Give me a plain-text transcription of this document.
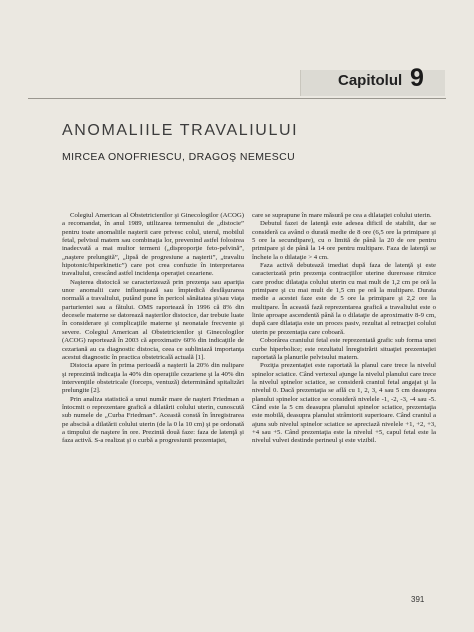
Capitolul 9
ANOMALIILE TRAVALIULUI
MIRCEA ONOFRIESCU, DRAGOŞ NEMESCU

Colegiul American al Obstetricienilor şi Ginecologilor (ACOG) a recomandat, în anul 1989, utilizarea termenului de „distocie” pentru toate anomaliile naşterii care privesc colul, uterul, mobilul fetal, pelvisul matern sau combinaţia lor, prevenind astfel folosirea inadecvată a mai multor termeni („disproporţie feto-pelvină”, „naştere prelungită”, „lipsă de progresiune a naşterii”, „travaliu hipotonic/hiperkinetic”) care pot crea confuzie în interpretarea travaliului, crescând astfel incidenţa operaţiei cezariene.

Naşterea distocică se caracterizează prin prezenţa sau apariţia unor anomalii care influenţează sau împiedică desfăşurarea normală a travaliului, putând pune în pericol sănătatea şi/sau viaţa parturientei sau a fătului. OMS raportează în 1996 că 8% din decesele materne se datorează naşterilor distocice, dar trebuie luate în considerare şi complicaţiile materne şi neonatale frecvente şi severe. Colegiul American al Obstetricienilor şi Ginecologilor (ACOG) raportează în 2003 că aproximativ 60% din indicaţiile de cezariană au ca diagnostic distocia, ceea ce subliniază importanţa acestui diagnostic în practica obstetricală actuală [1].

Distocia apare în prima perioadă a naşterii la 20% din nulipare şi reprezintă indicaţia la 40% din operaţiile cezariene şi la 40% din intervenţiile obstetricale (forceps, ventuză) determinând spitalizări prelungite [2].

Prin analiza statistică a unui număr mare de naşteri Friedman a întocmit o reprezentare grafică a dilatării colului uterin, cunoscută sub numele de „Curba Friedman”. Această constă în înregistrarea pe abscisă a dilatării colului uterin (de la 0 la 10 cm) şi pe ordonată a timpului de naştere în ore. Prezintă două faze: faza de latenţă şi faza activă. S-a realizat şi o curbă a progresiunii prezentaţiei,

care se suprapune în mare măsură pe cea a dilataţiei colului uterin.

Debutul fazei de latenţă este adesea dificil de stabilit, dar se consideră ca având o durată medie de 8 ore (6,5 ore la primipare şi 5 ore la secundipare), cu o limită de până la 20 de ore pentru primipare şi de până la 14 ore pentru multipare. Faza de latenţă se încheie la o dilataţie > 4 cm.

Faza activă debutează imediat după faza de latenţă şi este caracterizată prin prezenţa contracţiilor uterine dureroase ritmice care produc dilataţia colului uterin cu mai mult de 1,2 cm pe oră la primipare şi cu mai mult de 1,5 cm pe oră la multipare. Durata medie a acestei faze este de 5 ore la primipare şi 2,2 ore la multipare. În această fază reprezentarea grafică a travaliului este o linie aproape ascendentă până la o dilataţie de aproximativ 8-9 cm, după care dilataţia este un proces pasiv, rezultat al retracţiei colului uterin pe prezentaţia care coboară.

Coborârea craniului fetal este reprezentată grafic sub forma unei curbe hiperbolice; este rezultatul înregistrării situaţiei prezentaţiei raportată la planurile pelvisului matern.

Poziţia prezentaţiei este raportată la planul care trece la nivelul spinelor sciatice. Când vertexul ajunge la nivelul planului care trece la nivelul spinelor sciatice, se consideră craniul fetal angajat şi la nivelul 0. Dacă prezentaţia se află cu 1, 2, 3, 4 sau 5 cm deasupra planului spinelor sciatice se consideră nivelele -1, -2, -3, -4 sau -5. Când este la 5 cm deasupra planului spinelor sciatice, prezentaţia este mobilă, deasupra planului strâmtorii superioare. Când craniul a ajuns sub nivelul spinelor sciatice se apreciază nivelele +1, +2, +3, +4 sau +5. Când prezentaţia este la nivelul +5, capul fetal este la nivelul vulvei destinde perineul şi este vizibil.

391
